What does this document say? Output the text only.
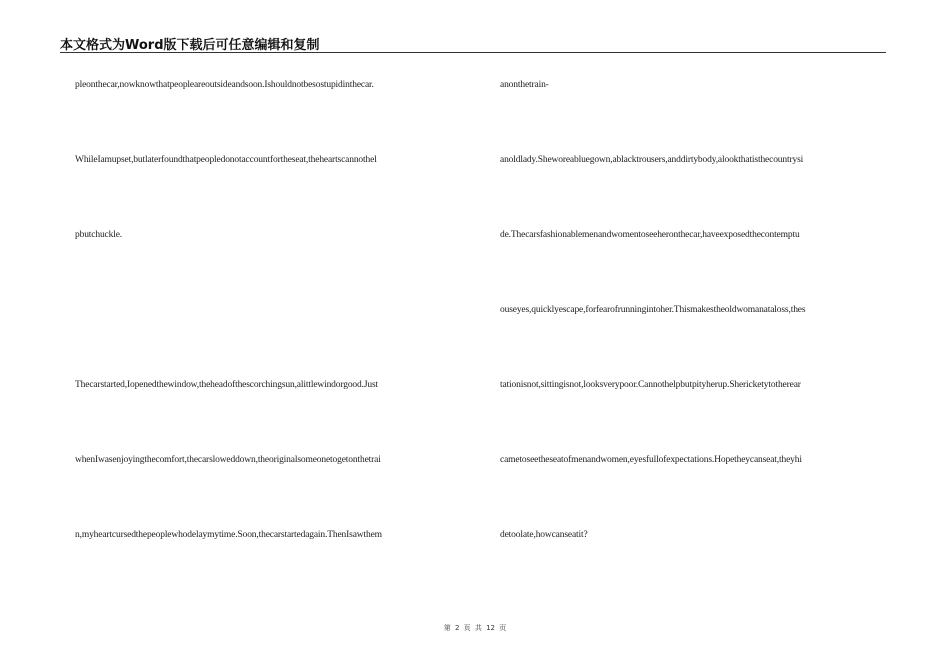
本文格式为Word版下载后可任意编辑和复制
pleonthecar,nowknowthatpeopleareoutsideandsoon.Ishouldnotbesostupidinthecar.
WhileIamupset,butlaterfoundthatpeopledonotaccountfortheseat,theheartscannothel
pbutchuckle.
Thecarstarted,Iopenedthewindow,theheadofthescorchingsun,alittlewindorgood.Just
whenIwasenjoyingthecomfort,thecarsloweddown,theoriginalsomeonetogetonthetrai
n,myheartcursedthepeoplewhodelaymytime.Soon,thecarstartedagain.ThenIsawthem
anonthetrain-
anoldlady.Sheworeabluegown,ablacktrousers,anddirtybody,alookthatisthecountrysi
de.Thecarsfashionablemenandwomentoseeheronthecar,haveexposedthecontemptu
ouseyes,quicklyescape,forfearofrunningintoher.Thismakestheoldwomanataloss,thes
tationisnot,sittingisnot,looksverypoor.Cannothelpbutpityherup.Shericketytotherear
cametoseetheseatofmenandwomen,eyesfullofexpectations.Hopetheycanseat,theyhi
detoolate,howcanseatit?
第 2 页 共 12 页
